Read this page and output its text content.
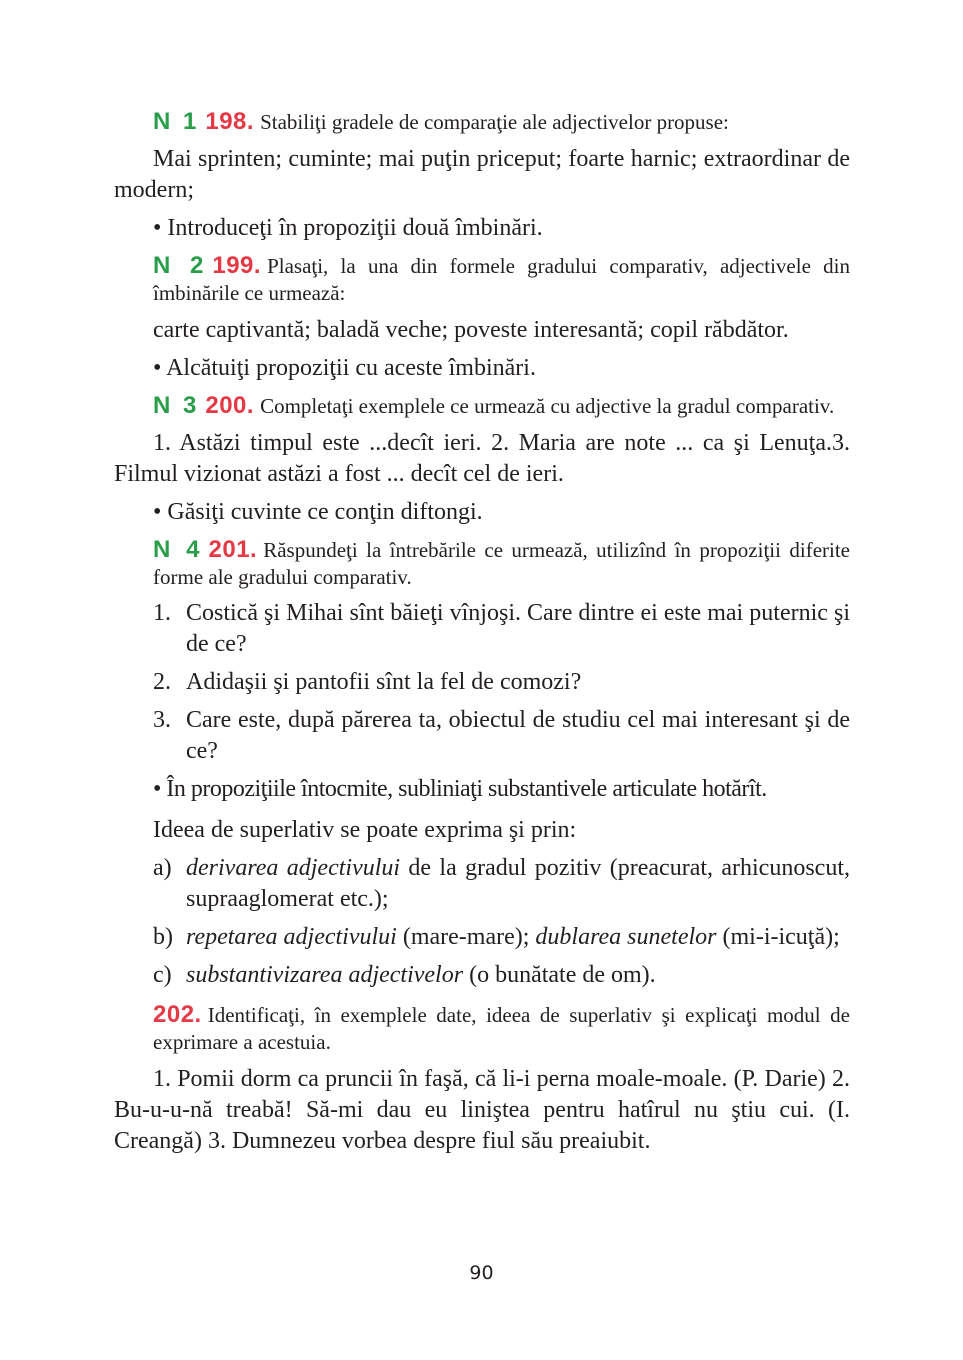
N 1 198. Stabiliţi gradele de comparaţie ale adjectivelor propuse:
Mai sprinten; cuminte; mai puţin priceput; foarte harnic; extraordinar de modern;
• Introduceţi în propoziţii două îmbinări.
N 2 199. Plasaţi, la una din formele gradului comparativ, adjectivele din îmbinările ce urmează:
carte captivantă; baladă veche; poveste interesantă; copil răbdător.
• Alcătuiţi propoziţii cu aceste îmbinări.
N 3 200. Completaţi exemplele ce urmează cu adjective la gradul comparativ.
1. Astăzi timpul este ...decît ieri. 2. Maria are note ... ca şi Lenuţa.3. Filmul vizionat astăzi a fost ... decît cel de ieri.
• Găsiţi cuvinte ce conţin diftongi.
N 4 201. Răspundeţi la întrebările ce urmează, utilizînd în propoziţii diferite forme ale gradului comparativ.
1. Costică şi Mihai sînt băieţi vînjoşi. Care dintre ei este mai puternic şi de ce?
2. Adidaşii şi pantofii sînt la fel de comozi?
3. Care este, după părerea ta, obiectul de studiu cel mai interesant şi de ce?
• În propoziţiile întocmite, subliniaţi substantivele articulate hotărît.
Ideea de superlativ se poate exprima şi prin:
a) derivarea adjectivului de la gradul pozitiv (preacurat, arhicunoscut, supraaglomerat etc.);
b) repetarea adjectivului (mare-mare); dublarea sunetelor (mi-i-icuţă);
c) substantivizarea adjectivelor (o bunătate de om).
202. Identificaţi, în exemplele date, ideea de superlativ şi explicaţi modul de exprimare a acestuia.
1. Pomii dorm ca pruncii în faşă, că li-i perna moale-moale. (P. Darie) 2. Bu-u-u-nă treabă! Să-mi dau eu liniştea pentru hatîrul nu ştiu cui. (I. Creangă) 3. Dumnezeu vorbea despre fiul său preaiubit.
90
